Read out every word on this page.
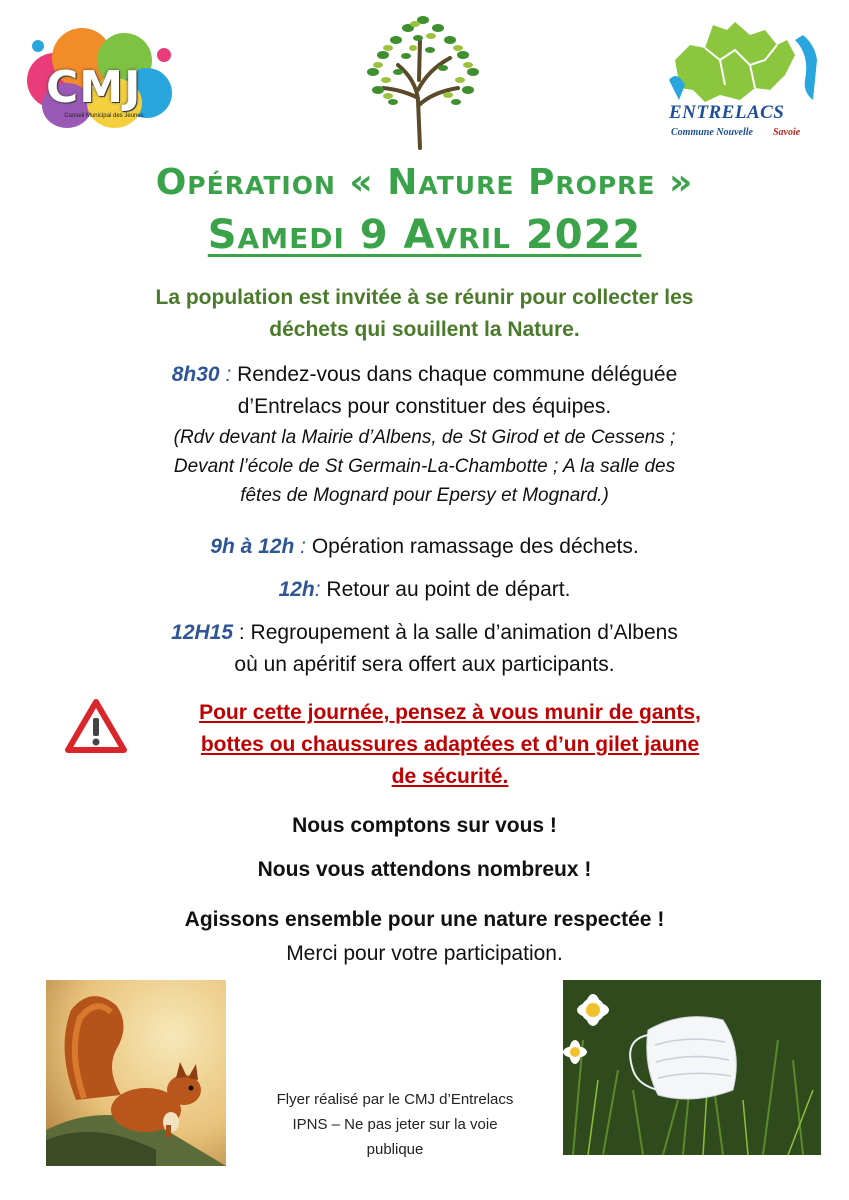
CMJ
Conseil Municipal des Jeunes	ENTRELACS
Commune Nouvelle Savoie
Opération « Nature Propre »
Samedi 9 Avril 2022
La population est invitée à se réunir pour collecter les
déchets qui souillent la Nature.
8h30 : Rendez-vous dans chaque commune déléguée
d’Entrelacs pour constituer des équipes.
(Rdv devant la Mairie d’Albens, de St Girod et de Cessens ;
Devant l’école de St Germain-La-Chambotte ; A la salle des
fêtes de Mognard pour Epersy et Mognard.)
9h à 12h : Opération ramassage des déchets.
12h: Retour au point de départ.
12H15 : Regroupement à la salle d’animation d’Albens
où un apéritif sera offert aux participants.
Pour cette journée, pensez à vous munir de gants,
bottes ou chaussures adaptées et d’un gilet jaune
de sécurité.
Nous comptons sur vous !
Nous vous attendons nombreux !
Agissons ensemble pour une nature respectée !
Merci pour votre participation.
Flyer réalisé par le CMJ d’Entrelacs
IPNS – Ne pas jeter sur la voie
publique
